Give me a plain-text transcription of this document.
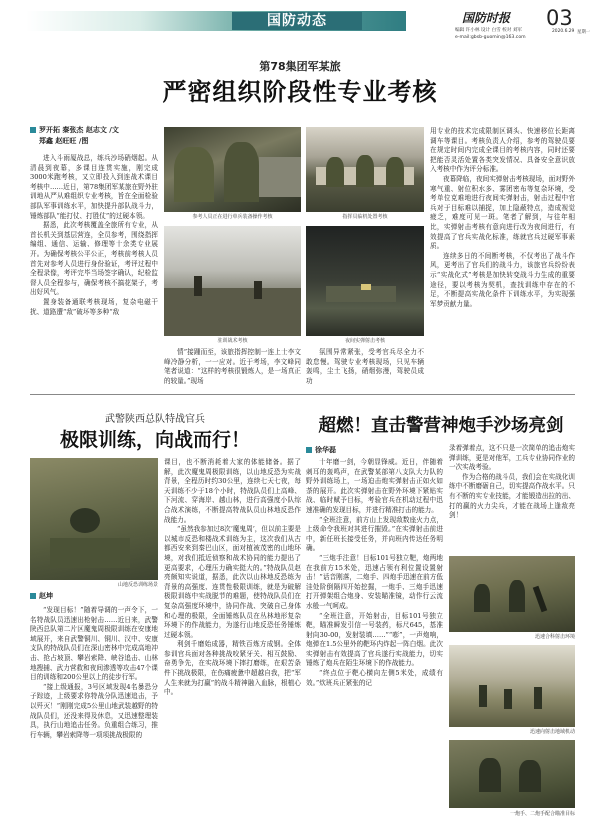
国防动态	国防时报	03
编辑 许小林 设计 白雪 校对 刘军	2020.6.29 星期一
e-mail:gbsb-guomin@163.com
第78集团军某旅
严密组织阶段性专业考核
罗开拓 秦张杰 赵志文 /文
郑鑫 赵旺旺 /图

进入斗雨厦战总，练兵沙场硝烟起。从清晨到夜幕，多课目连贯实施，刚完成3000米跑考核，又立即投入到连战术课目考核中……近日，第78集团军某旅在野外驻训地从严从难组织专业考核，旨在全面检验部队军事训练水平，加快提升部队战斗力，锤炼部队“能打仗、打胜仗”的过硬本领。

据悉，此次考核覆盖全旅所有专业，从首长机关到基层营连，全员参考，围绕指挥编组、通信、运输、修理等十余类专业展开。为确保考核公平公正，考核前考核人员首先对参考人员进行身份验证，考评过程中全程录像，考评完毕当场签字确认，纪检监督人员全程参与，确保考核不搞花架子，考出好风气。

置身装备通联考核现场，复杂电磁干扰、道路遭“敌”破坏等多种“敌

参考人员正在进行单兵装备操作考核	指挥员临机处置考核
驻训战术考核	夜间实弹射击考核
情”接踵而至，该旅指挥控制一连上士李文峰冷静分析，一一应对。近于考场，李文峰同笔者说道：“这样的考核很锻炼人，是一场真正的较量。”现场
氛围异常紧张，受考官兵尽全力不敢怠慢。驾驶专业考核现场，只见车辆轰鸣，尘土飞扬，硝烟弥漫，驾驶员成功

用专业的技术完成限制区调头、快速移位长距离调车等课目。考核负责人介绍，参考的驾驶员要在规定时间内完成全课目的考核内容，同时还要把能否灵活处置各类突发情况、具备安全意识放入考核中作为评分标准。

夜幕降临，夜间实弹射击考核现场，面对野外寒气重、射位积水多、雾团密布等复杂环境，受考单位克难地进行夜间实弹射击，射击过程中官兵对于目标难以捕捉，加上隐蔽特点，造成视觉疲乏，难度可见一斑。笔者了解到，与往年相比，实弹射击考核有意向进行改为夜间进行，有效提高了官兵实战化标准，练就官兵过硬军事素质。

连续多日的不间断考核，不仅考出了战斗作风，更考出了官兵们的战斗力，该旅官兵纷纷表示“实战化式”考核是加快转变战斗力生成的重要途径，要以考核为契机，查找训练中存在的不足，不断提高实战化条件下训练水平，为实现强军梦贡献力量。

武警陕西总队特战官兵
极限训练，向战而行！
山地反恐训练场景
赵坤

“发现目标！”随着导调的一声令下，一名特战队员迅速出枪射击……近日来，武警陕西总队第二片区魔鬼周极限训练在安康地域展开，来自武警铜川、铜川、汉中、安康支队的特战队员们在深山密林中完成高地冲击、抢占坡顶、攀岩索降、峡谷追击、山林地搜捕、武力营救和夜间渗透等攻击47个课目的训练和200公里以上的徒步行军。

“接上级通报，3号区域发现4名暴恐分子踪迹，上级要求你特战分队迅速追击，予以歼灭！”刚刚完成5公里山地武装越野的特战队员们，还没来得及休息，又迅速整理装具，执行山地追击任务。负重组合练习，推行车辆，攀岩索降等一项项挑战极限的

课目，也不断消耗着大家的体能储备。据了解，此次魔鬼周极限训练，以山地反恐为实战背景，全程历时约30公里，连续七天七夜，每天训练不少于18个小时，特战队员们上高峰、下河流、穿海岸、越山林，进行高强度小队综合战术演练，不断提高特战队员山林地反恐作战能力。

“虽然我参加过8次‘魔鬼周’，但以前主要是以城市反恐和楼战术训练为主，这次我们从古都西安来到秦巴山区，面对植被茂密的山地环境，对我们抵近侦察和战术协同的能力提出了更高要求，心理压力确实挺大的。”特战队员赵亮颇知实说道，据悉，此次以山林地反恐练为背景的高强度、连贯性极限训练，就是为破解极限训练中实战脱节的难题，使特战队员们在复杂高强度环境中，协同作战、突破自己身体和心理的极限，全面锤炼队员在丛林地形复杂环境下的作战能力，为遂行山地反恐任务锤炼过硬本领。

利剑千磨始成器，精铁百炼方成钢。全体参训官兵面对各种挑战咬紧牙关、相互鼓励、奋勇争先，在实战环境下摔打磨练，在艰苦条件下挑战极限，在伤痛疲惫中超越自我，把“军人生来就为打赢”的战斗精神融入血脉，根植心中。

超燃！直击警营神炮手沙场亮剑
徐华磊

十年磨一剑，今朝显锋威。近日，伴随着刺耳的轰鸣声，在武警某部第八支队大力队的野外训练场上，一场迫击炮实弹射击正如火如荼的展开。此次实弹射击在野外环境下紧贴实战、临时赋予目标，考验官兵在机动过程中迅速准确的发现目标，并进行精准打击的能力。

“全班注意，前方山上发现敌数座火力点，上级命令我班对其进行摧毁。”在实弹射击前进中，新任班长接受任务，并向班内传达任务明确。

“三炮手注意！目标101号独立靶，炮两地在我前方15米处，迅速占领有利位置设置射击！”话音刚落，二炮手、四炮手迅速在前方低洼处阶倒隔四开始挖掘，一炮手、三炮手迅速打开弹架组合炮身、安装瞄准镜，动作行云流水般一气呵成。

“全班注意，开始射击，目标101号独立靶，瞄准瞬发引信一号装药，标尺645，基准射向30-00，发射装填……”“嘭”，一声炮响，炮弹在1.5公里外的靶环内炸起一阵白烟。此次实弹射击有效提高了官兵遂行实战能力，切实锤炼了炮兵在陌生环境下的作战能力。

“终点位于靶心横向左侧5米处，成绩有效。”炊班兵正紧张的记

录着弹着点，这不只是一次简单的追击炮实弹训练，更是对他军，工兵专业协同作业的一次实战考验。

作为合格的战斗员，我们会在实战化训练中不断磨砺自己，切实提高作战水平。只有不断的实专业技能，才能锻造出拉的出、打的赢的火力尖兵，才能在战场上逢敌亮剑！

迅速合科射击环境
迅速向射击地域机动
一炮手、二炮手配合瞄准目标
